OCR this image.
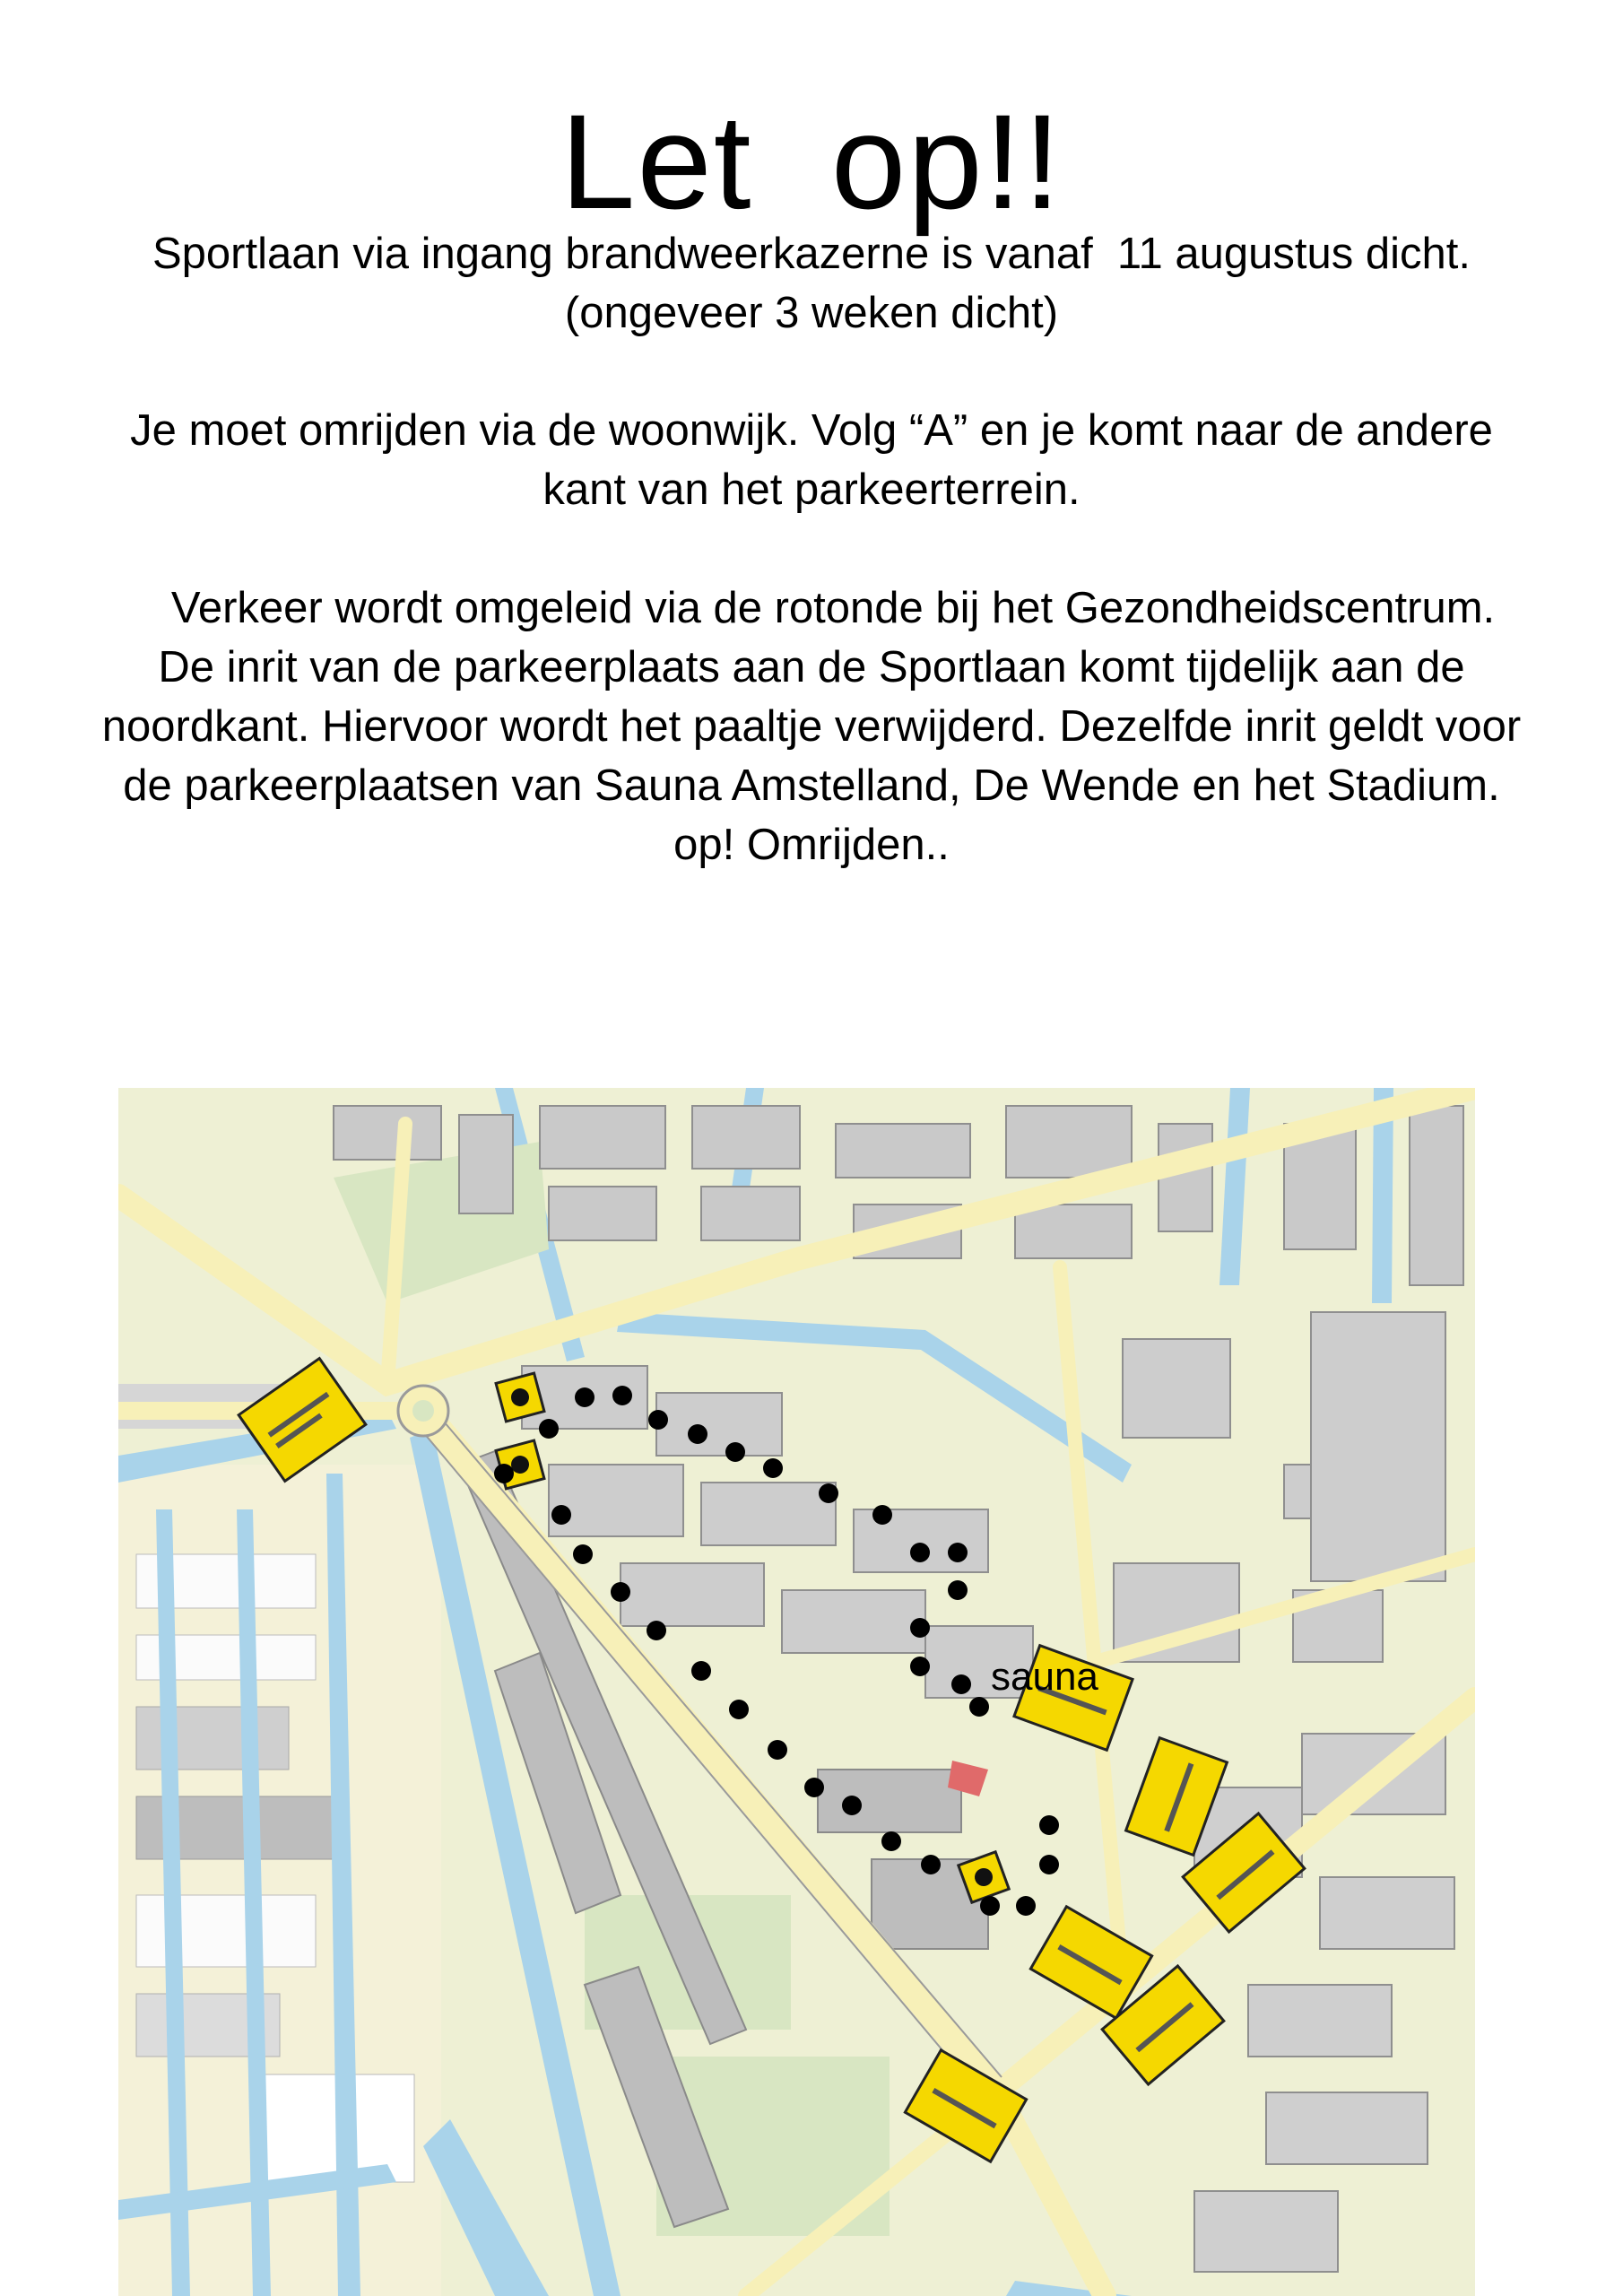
Let  op!!
Sportlaan via ingang brandweerkazerne is vanaf  11 augustus dicht.
(ongeveer 3 weken dicht)
Je moet omrijden via de woonwijk. Volg “A” en je komt naar de andere
kant van het parkeerterrein.
Verkeer wordt omgeleid via de rotonde bij het Gezondheidscentrum.
De inrit van de parkeerplaats aan de Sportlaan komt tijdelijk aan de
noordkant. Hiervoor wordt het paaltje verwijderd. Dezelfde inrit geldt voor
de parkeerplaatsen van Sauna Amstelland, De Wende en het Stadium.
op! Omrijden..
sauna
